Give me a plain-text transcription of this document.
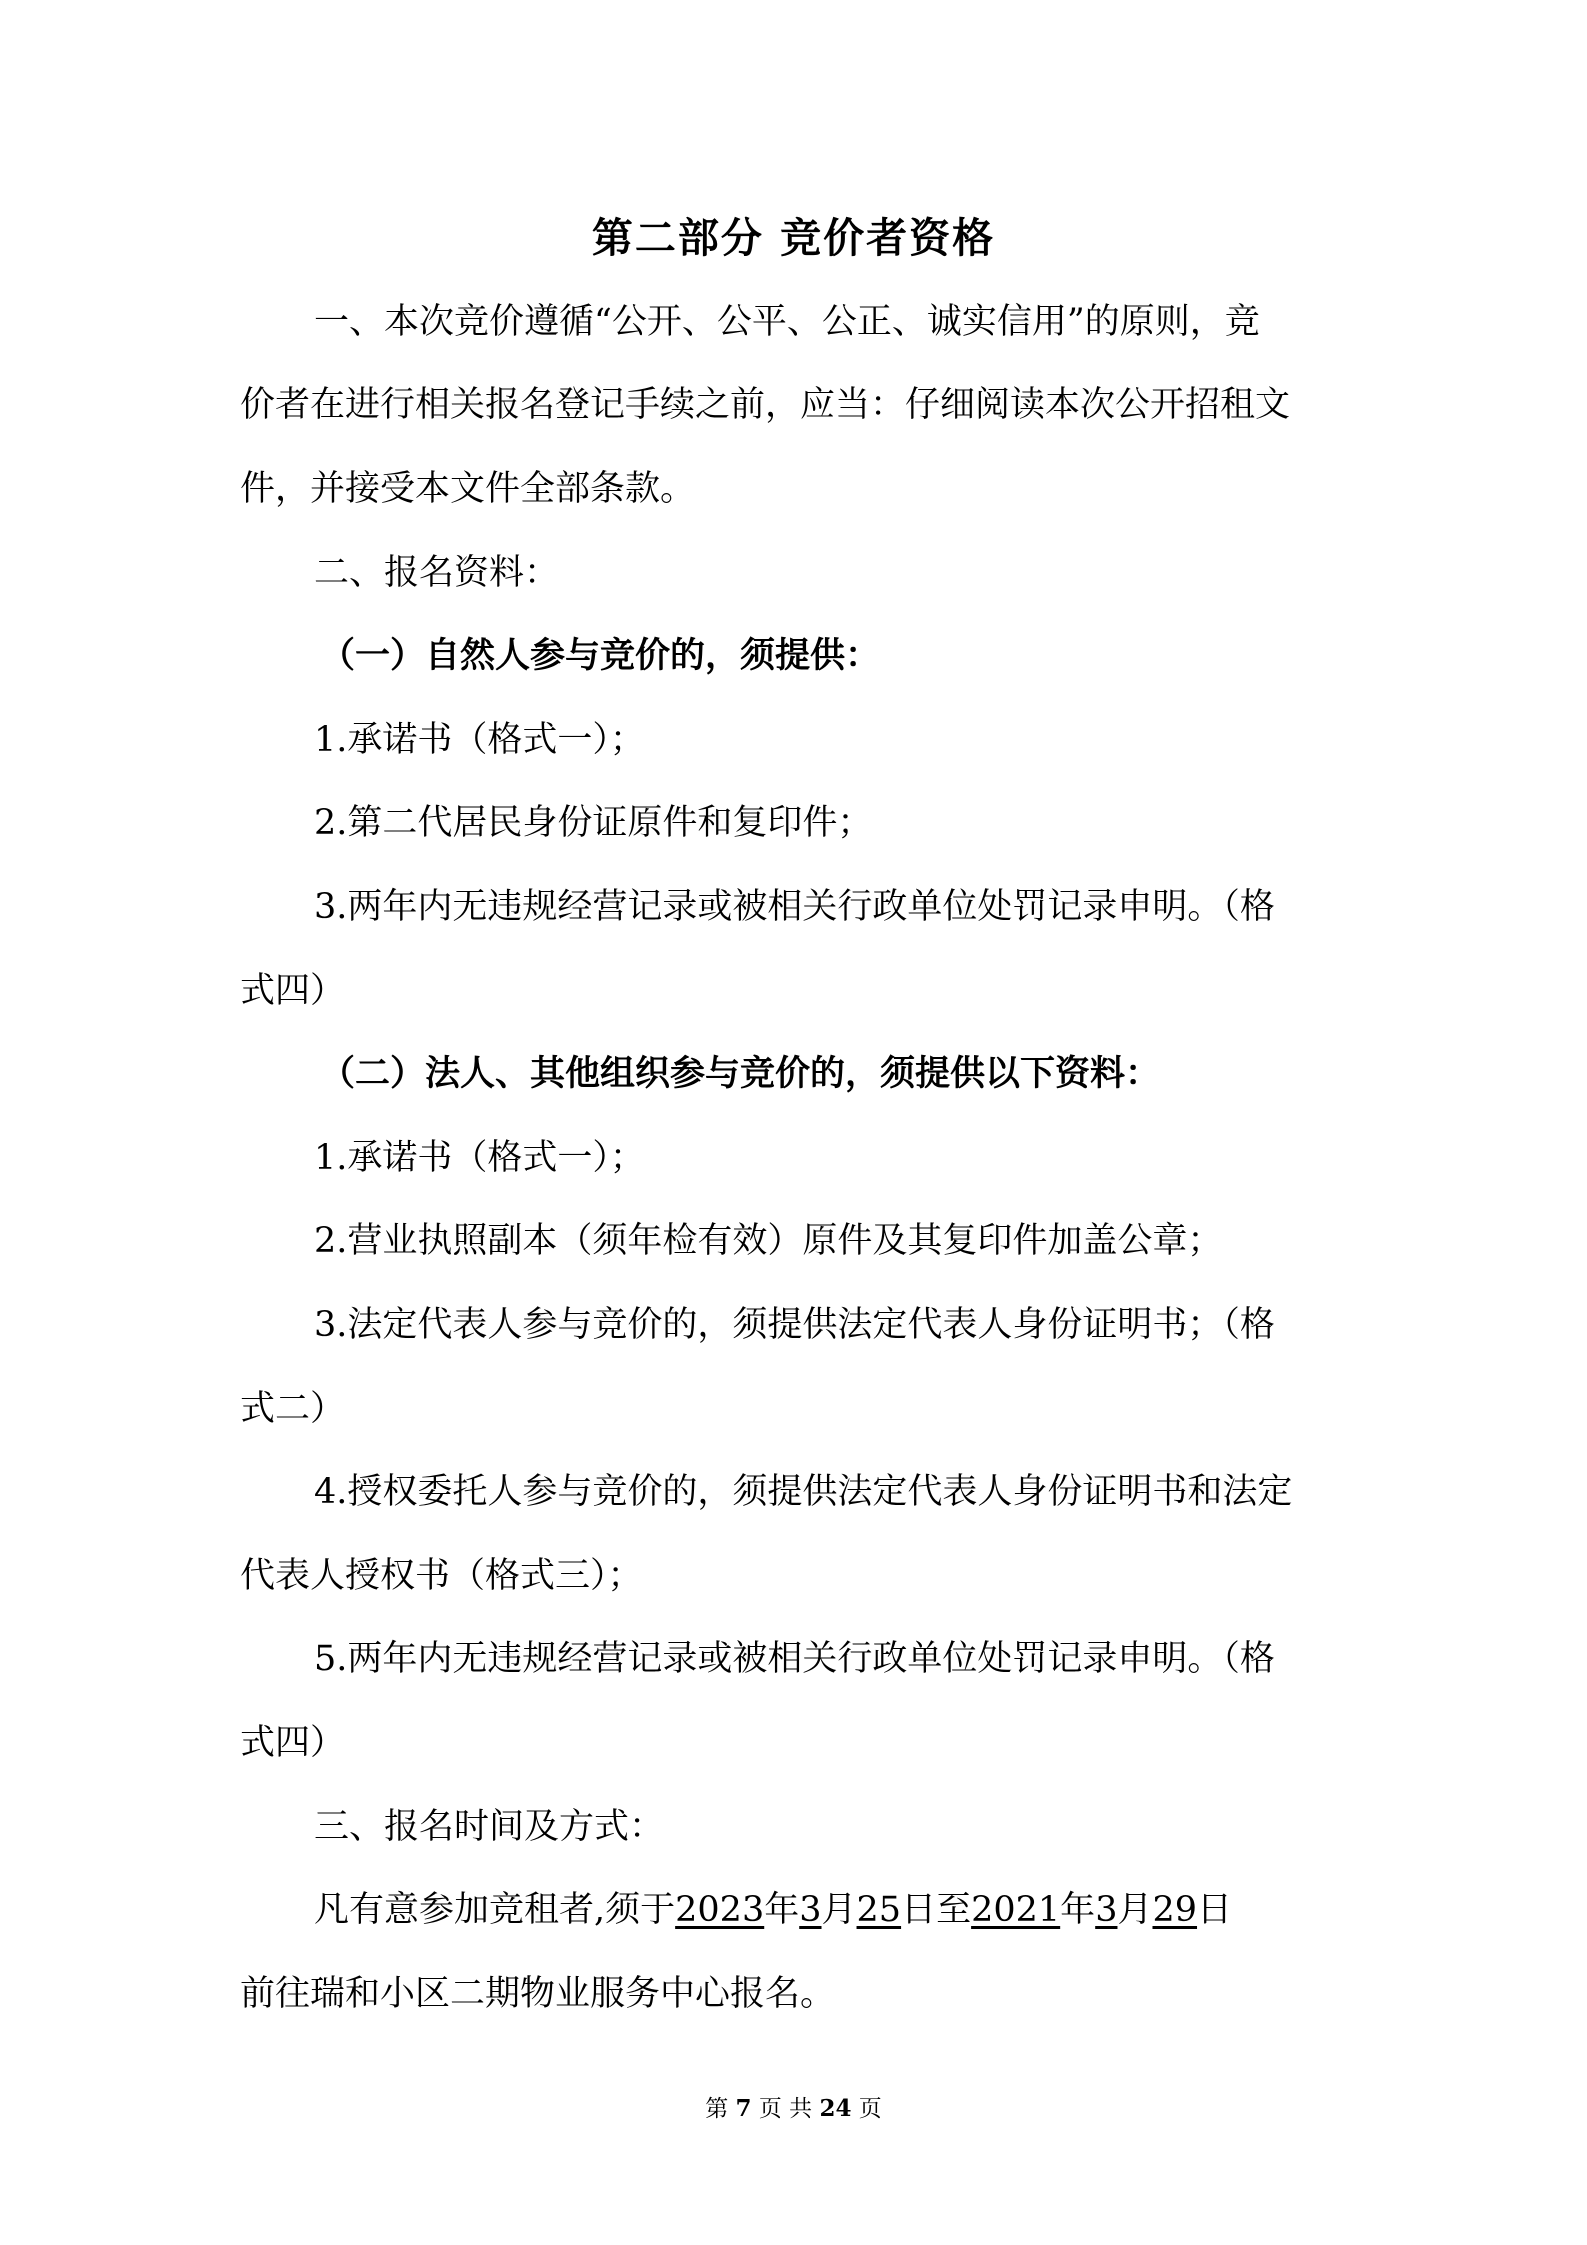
第二部分 竞价者资格
一、本次竞价遵循“公开、公平、公正、诚实信用”的原则，竞
价者在进行相关报名登记手续之前，应当：仔细阅读本次公开招租文
件，并接受本文件全部条款。
二、报名资料：
（一）自然人参与竞价的，须提供：
1.承诺书（格式一）；
2.第二代居民身份证原件和复印件；
3.两年内无违规经营记录或被相关行政单位处罚记录申明。（格
式四）
（二）法人、其他组织参与竞价的，须提供以下资料：
1.承诺书（格式一）；
2.营业执照副本（须年检有效）原件及其复印件加盖公章；
3.法定代表人参与竞价的，须提供法定代表人身份证明书；（格
式二）
4.授权委托人参与竞价的，须提供法定代表人身份证明书和法定
代表人授权书（格式三）；
5.两年内无违规经营记录或被相关行政单位处罚记录申明。（格
式四）
三、报名时间及方式：
凡有意参加竞租者,须于2023年3月25日至2021年3月29日
前往瑞和小区二期物业服务中心报名。
第 7 页 共 24 页
